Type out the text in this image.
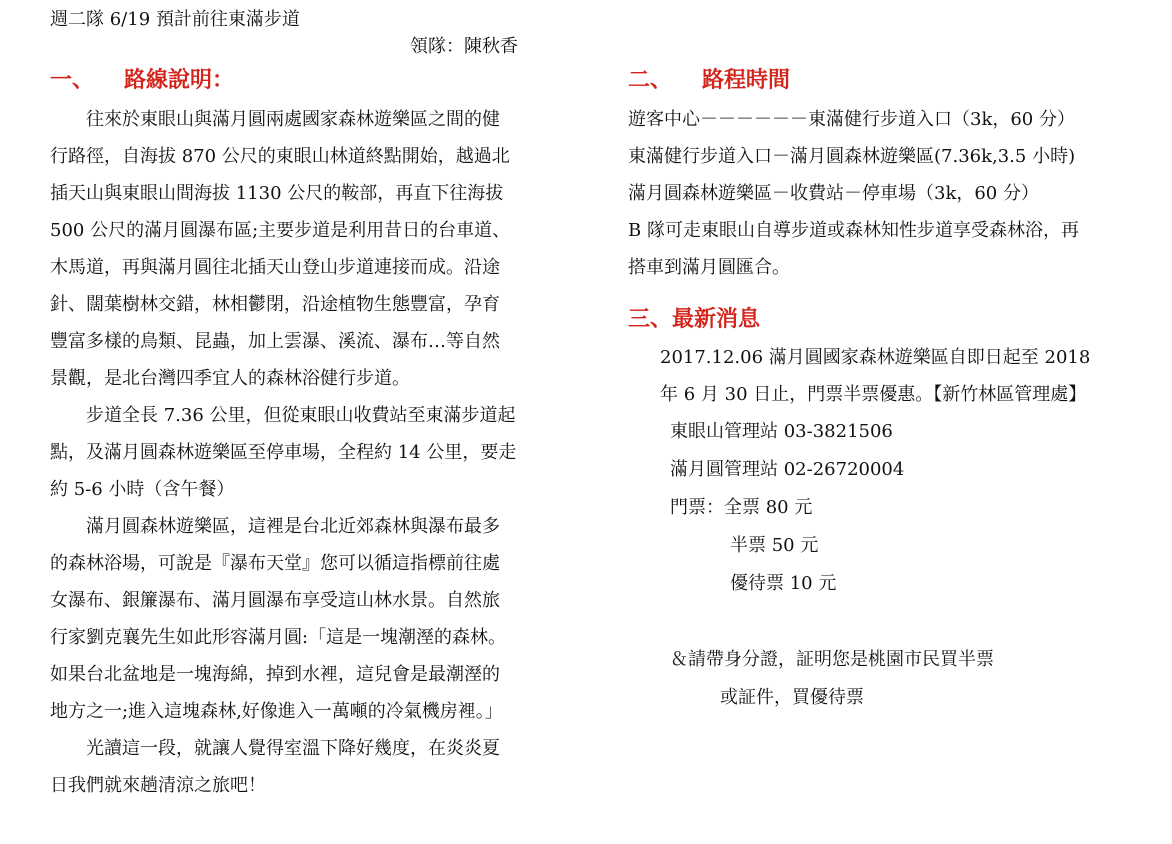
週二隊 6/19 預計前往東滿步道
領隊：陳秋香
一、 路線說明：
往來於東眼山與滿月圓兩處國家森林遊樂區之間的健
行路徑，自海拔 870 公尺的東眼山林道終點開始，越過北
插天山與東眼山間海拔 1130 公尺的鞍部，再直下往海拔
500 公尺的滿月圓瀑布區;主要步道是利用昔日的台車道、
木馬道，再與滿月圓往北插天山登山步道連接而成。沿途
針、闊葉樹林交錯，林相鬱閉，沿途植物生態豐富，孕育
豐富多樣的鳥類、昆蟲，加上雲瀑、溪流、瀑布…等自然
景觀，是北台灣四季宜人的森林浴健行步道。
步道全長 7.36 公里，但從東眼山收費站至東滿步道起
點，及滿月圓森林遊樂區至停車場，全程約 14 公里，要走
約 5-6 小時（含午餐）
滿月圓森林遊樂區，這裡是台北近郊森林與瀑布最多
的森林浴場，可說是『瀑布天堂』您可以循這指標前往處
女瀑布、銀簾瀑布、滿月圓瀑布享受這山林水景。自然旅
行家劉克襄先生如此形容滿月圓:「這是一塊潮溼的森林。
如果台北盆地是一塊海綿，掉到水裡，這兒會是最潮溼的
地方之一;進入這塊森林,好像進入一萬噸的冷氣機房裡。」
光讀這一段，就讓人覺得室溫下降好幾度，在炎炎夏
日我們就來趟清涼之旅吧！
二、 路程時間
遊客中心－－－－－－東滿健行步道入口（3k，60 分）
東滿健行步道入口－滿月圓森林遊樂區(7.36k,3.5 小時)
滿月圓森林遊樂區－收費站－停車場（3k，60 分）
B 隊可走東眼山自導步道或森林知性步道享受森林浴，再
搭車到滿月圓匯合。
三、最新消息
2017.12.06 滿月圓國家森林遊樂區自即日起至 2018
年 6 月 30 日止，門票半票優惠。【新竹林區管理處】
東眼山管理站 03-3821506
滿月圓管理站 02-26720004
門票：全票 80 元
半票 50 元
優待票 10 元
＆請帶身分證，証明您是桃園市民買半票
或証件，買優待票
